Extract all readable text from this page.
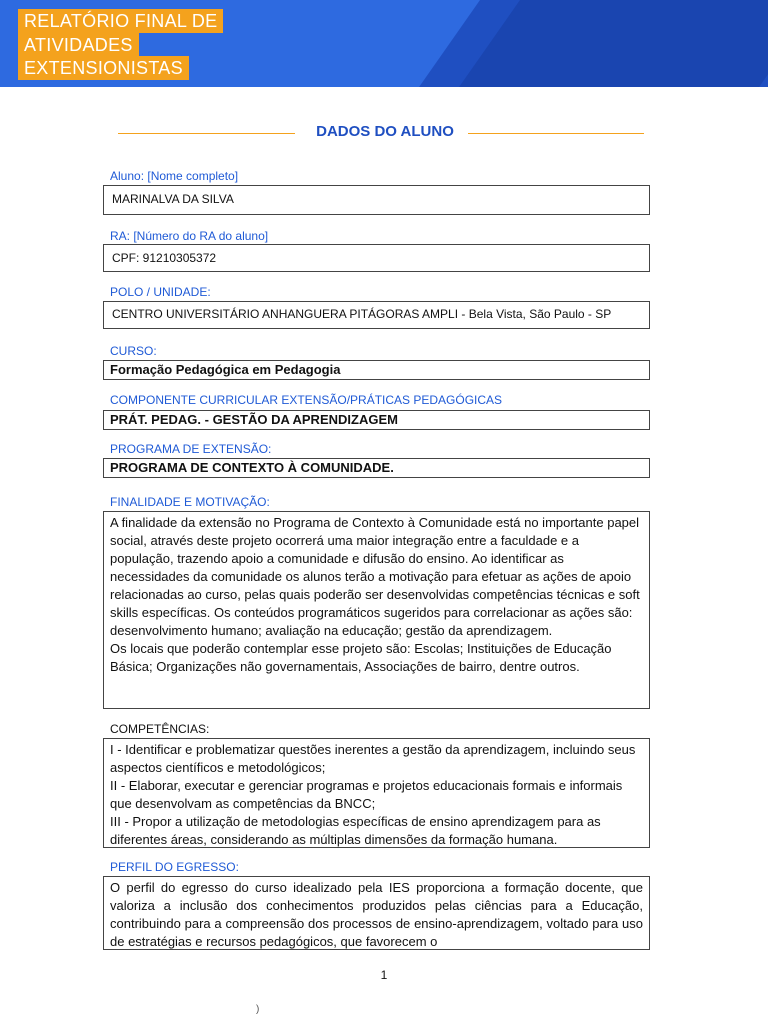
RELATÓRIO FINAL DE
ATIVIDADES
EXTENSIONISTAS
DADOS DO ALUNO
Aluno: [Nome completo]
MARINALVA DA SILVA
RA: [Número do RA do aluno]
CPF: 91210305372
POLO / UNIDADE:
CENTRO UNIVERSITÁRIO ANHANGUERA PITÁGORAS AMPLI - Bela Vista, São Paulo - SP
CURSO:
Formação Pedagógica em Pedagogia
COMPONENTE CURRICULAR EXTENSÃO/PRÁTICAS PEDAGÓGICAS
PRÁT. PEDAG. - GESTÃO DA APRENDIZAGEM
PROGRAMA DE EXTENSÃO:
PROGRAMA DE CONTEXTO À COMUNIDADE.
FINALIDADE E MOTIVAÇÃO:

A finalidade da extensão no Programa de Contexto à Comunidade está no importante papel social, através deste projeto ocorrerá uma maior integração entre a faculdade e a população, trazendo apoio a comunidade e difusão do ensino. Ao identificar as necessidades da comunidade os alunos terão a motivação para efetuar as ações de apoio relacionadas ao curso, pelas quais poderão ser desenvolvidas competências técnicas e soft skills específicas. Os conteúdos programáticos sugeridos para correlacionar as ações são: desenvolvimento humano; avaliação na educação; gestão da aprendizagem.

Os locais que poderão contemplar esse projeto são: Escolas; Instituições de Educação Básica; Organizações não governamentais, Associações de bairro, dentre outros.

COMPETÊNCIAS:

I - Identificar e problematizar questões inerentes a gestão da aprendizagem, incluindo seus aspectos científicos e metodológicos;

II - Elaborar, executar e gerenciar programas e projetos educacionais formais e informais que desenvolvam as competências da BNCC;

III - Propor a utilização de metodologias específicas de ensino aprendizagem para as diferentes áreas, considerando as múltiplas dimensões da formação humana.

PERFIL DO EGRESSO:

O perfil do egresso do curso idealizado pela IES proporciona a formação docente, que valoriza a inclusão dos conhecimentos produzidos pelas ciências para a Educação, contribuindo para a compreensão dos processos de ensino-aprendizagem, voltado para uso de estratégias e recursos pedagógicos, que favorecem o

1
)
